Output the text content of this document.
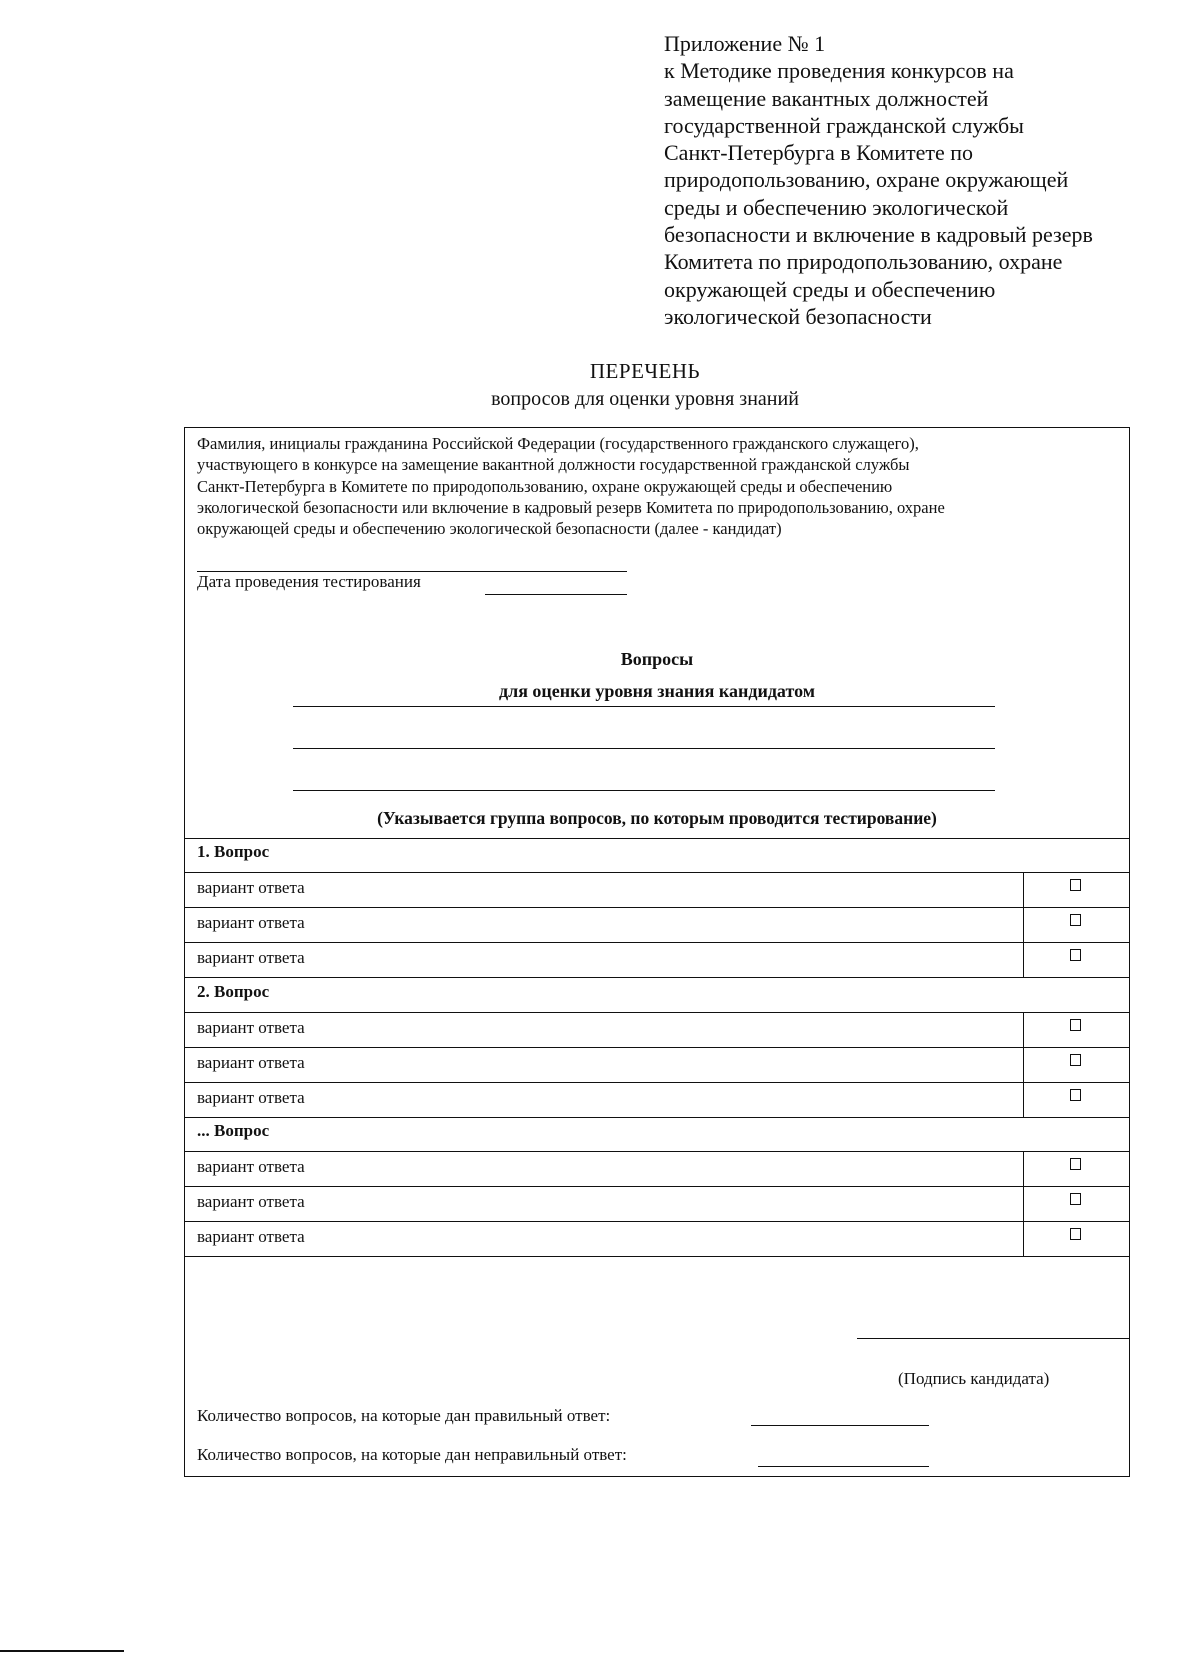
Приложение № 1
к Методике проведения конкурсов на
замещение вакантных должностей
государственной гражданской службы
Санкт-Петербурга в Комитете по
природопользованию, охране окружающей
среды и обеспечению экологической
безопасности и включение в кадровый резерв
Комитета по природопользованию, охране
окружающей среды и обеспечению
экологической безопасности
ПЕРЕЧЕНЬ
вопросов для оценки уровня знаний
Фамилия, инициалы гражданина Российской Федерации (государственного гражданского служащего),
участвующего в конкурсе на замещение вакантной должности государственной гражданской службы
Санкт-Петербурга в Комитете по природопользованию, охране окружающей среды и обеспечению
экологической безопасности или включение в кадровый резерв Комитета по природопользованию, охране
окружающей среды и обеспечению экологической безопасности (далее - кандидат)
Дата проведения тестирования
Вопросы
для оценки уровня знания кандидатом
(Указывается группа вопросов, по которым проводится тестирование)
1. Вопрос
вариант ответа
вариант ответа
вариант ответа
2. Вопрос
вариант ответа
вариант ответа
вариант ответа
... Вопрос
вариант ответа
вариант ответа
вариант ответа
(Подпись кандидата)
Количество вопросов, на которые дан правильный ответ:
Количество вопросов, на которые дан неправильный ответ:
